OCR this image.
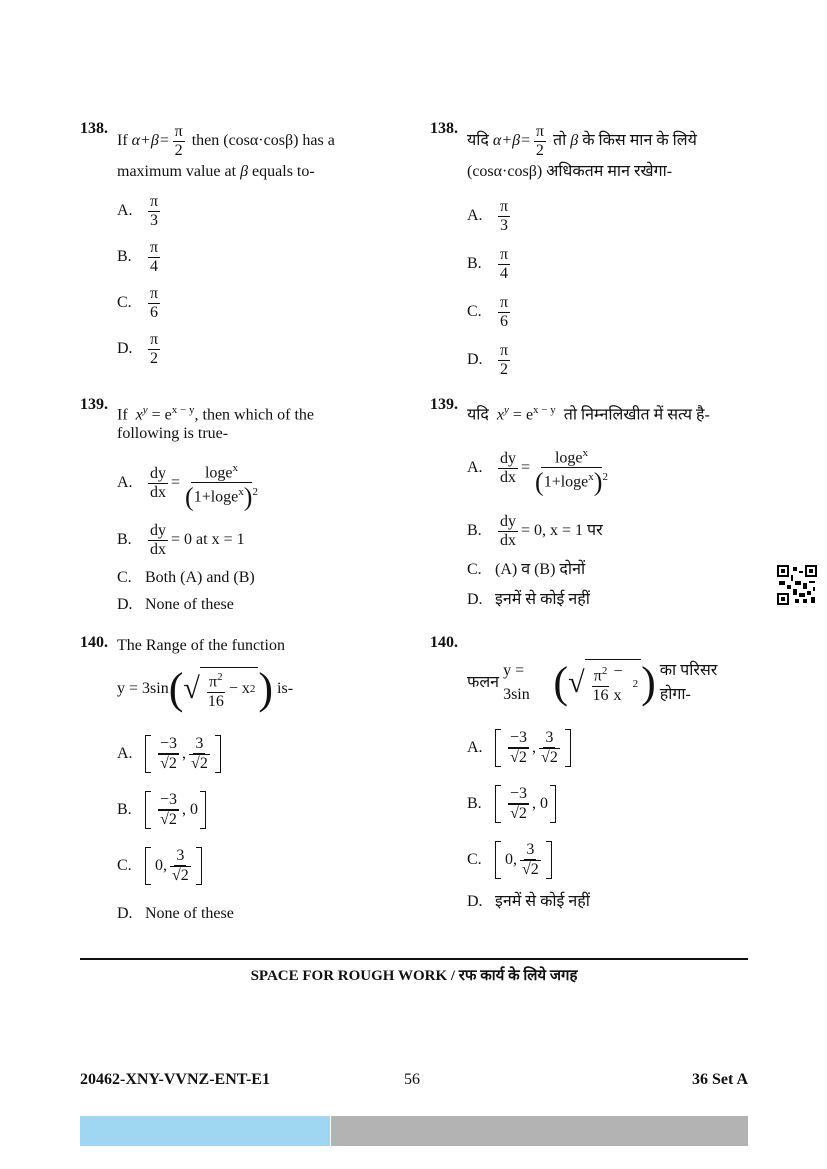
138.
If
$\alpha+\beta= \frac{\pi}{2}$
then
(cosα·cosβ)
has a
maximum value at β equals to-
A.
π
3
B.
π
4
C.
π
6
D.
π
2
139.
If $x^y = e^{x - y}$, then which of the
following is true-
A. $\frac{dy}{dx} = \frac{\log e^x}{(1+\log e^x)^2}$
B.	$\frac{dy}{dx} = 0$ at x = 1
C. Both (A) and (B)
D. None of these
140. The Range of the function
y = 3sin ( √ $\pi^2$
16
− x 2 )
is-
A.
−3
√ 2
,
3
√ 2
B.
−3
√ 2
, 0
C.	0,
3
√ 2
D. None of these
138.
यदि
$\alpha+\beta= \frac{\pi}{2}$
तो
β
के किस मान के लिये
(cosα·cosβ) अधिकतम मान रखेगा-
A.
π
3
B.
π
4
C.
π
6
D.
π
2
139.
यदि $x^y = e^{x - y}$ तो निम्नलिखीत में सत्य है-
A. $\frac{dy}{dx} = \frac{\log e^x}{(1+\log e^x)^2}$
B.	$\frac{dy}{dx} = 0$, x = 1 पर
C. (A) व (B) दोनों
D. इनमें से कोई नहीं
140.
फलन

y = 3sin ( √ $\pi^2$
16
− x
2 )
का परिसर होगा-
A.
−3
√ 2
,
3
√ 2
B.
−3
√ 2
, 0
C.	0,
3
√ 2
D. इनमें से कोई नहीं
SPACE FOR ROUGH WORK / रफ कार्य के लिये जगह
20462-XNY-VVNZ-ENT-E1	56	36 Set A
